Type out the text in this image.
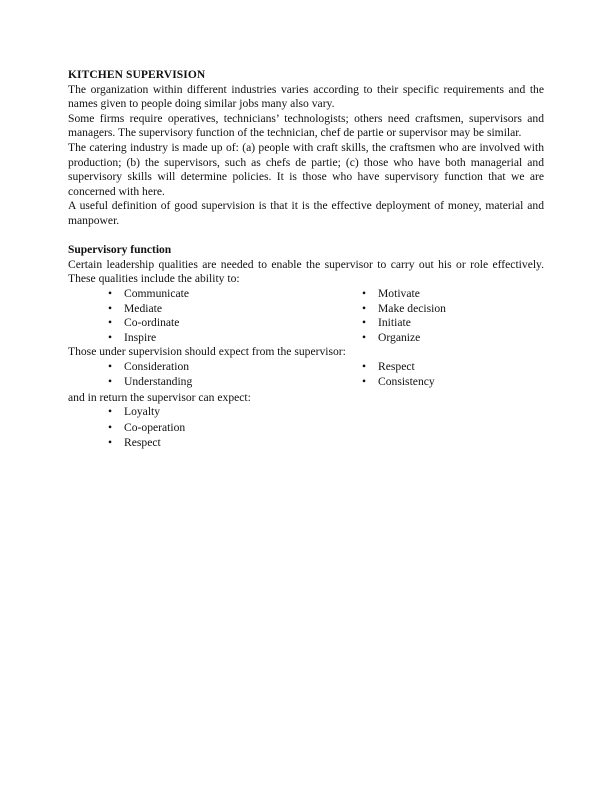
KITCHEN SUPERVISION

The organization within different industries varies according to their specific requirements and the names given to people doing similar jobs many also vary.

Some firms require operatives, technicians’ technologists; others need craftsmen, supervisors and managers. The supervisory function of the technician, chef de partie or supervisor may be similar.

The catering industry is made up of: (a) people with craft skills, the craftsmen who are involved with production; (b) the supervisors, such as chefs de partie; (c) those who have both managerial and supervisory skills will determine policies. It is those who have supervisory function that we are concerned with here.

A useful definition of good supervision is that it is the effective deployment of money, material and manpower.

Supervisory function

Certain leadership qualities are needed to enable the supervisor to carry out his or role effectively. These qualities include the ability to:

• Communicate	• Motivate
• Mediate	• Make decision
• Co-ordinate	• Initiate
• Inspire	• Organize

Those under supervision should expect from the supervisor:

• Consideration	• Respect
• Understanding	• Consistency

and in return the supervisor can expect:

• Loyalty
• Co-operation
• Respect
